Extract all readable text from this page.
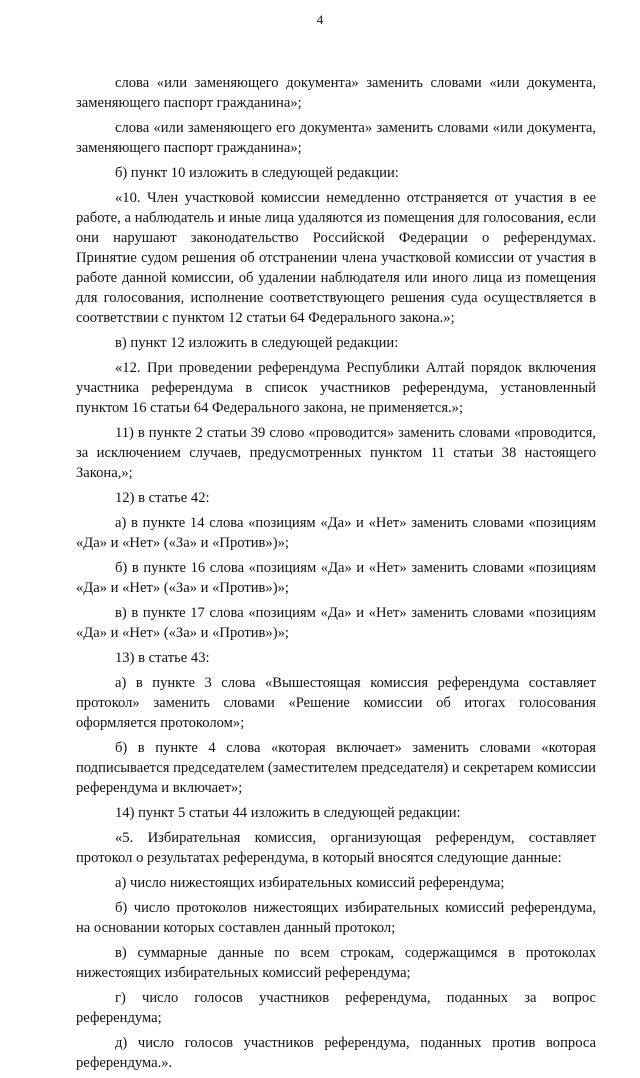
4

слова «или заменяющего документа» заменить словами «или документа, заменяющего паспорт гражданина»;

слова «или заменяющего его документа» заменить словами «или документа, заменяющего паспорт гражданина»;

б) пункт 10 изложить в следующей редакции:

«10. Член участковой комиссии немедленно отстраняется от участия в ее работе, а наблюдатель и иные лица удаляются из помещения для голосования, если они нарушают законодательство Российской Федерации о референдумах. Принятие судом решения об отстранении члена участковой комиссии от участия в работе данной комиссии, об удалении наблюдателя или иного лица из помещения для голосования, исполнение соответствующего решения суда осуществляется в соответствии с пунктом 12 статьи 64 Федерального закона.»;

в) пункт 12 изложить в следующей редакции:

«12. При проведении референдума Республики Алтай порядок включения участника референдума в список участников референдума, установленный пунктом 16 статьи 64 Федерального закона, не применяется.»;

11) в пункте 2 статьи 39 слово «проводится» заменить словами «проводится, за исключением случаев, предусмотренных пунктом 11 статьи 38 настоящего Закона,»;

12) в статье 42:

а) в пункте 14 слова «позициям «Да» и «Нет» заменить словами «позициям «Да» и «Нет» («За» и «Против»)»;

б) в пункте 16 слова «позициям «Да» и «Нет» заменить словами «позициям «Да» и «Нет» («За» и «Против»)»;

в) в пункте 17 слова «позициям «Да» и «Нет» заменить словами «позициям «Да» и «Нет» («За» и «Против»)»;

13) в статье 43:

а) в пункте 3 слова «Вышестоящая комиссия референдума составляет протокол» заменить словами «Решение комиссии об итогах голосования оформляется протоколом»;

б) в пункте 4 слова «которая включает» заменить словами «которая подписывается председателем (заместителем председателя) и секретарем комиссии референдума и включает»;

14) пункт 5 статьи 44 изложить в следующей редакции:

«5. Избирательная комиссия, организующая референдум, составляет протокол о результатах референдума, в который вносятся следующие данные:

а) число нижестоящих избирательных комиссий референдума;

б) число протоколов нижестоящих избирательных комиссий референдума, на основании которых составлен данный протокол;

в) суммарные данные по всем строкам, содержащимся в протоколах нижестоящих избирательных комиссий референдума;

г) число голосов участников референдума, поданных за вопрос референдума;

д) число голосов участников референдума, поданных против вопроса референдума.».
